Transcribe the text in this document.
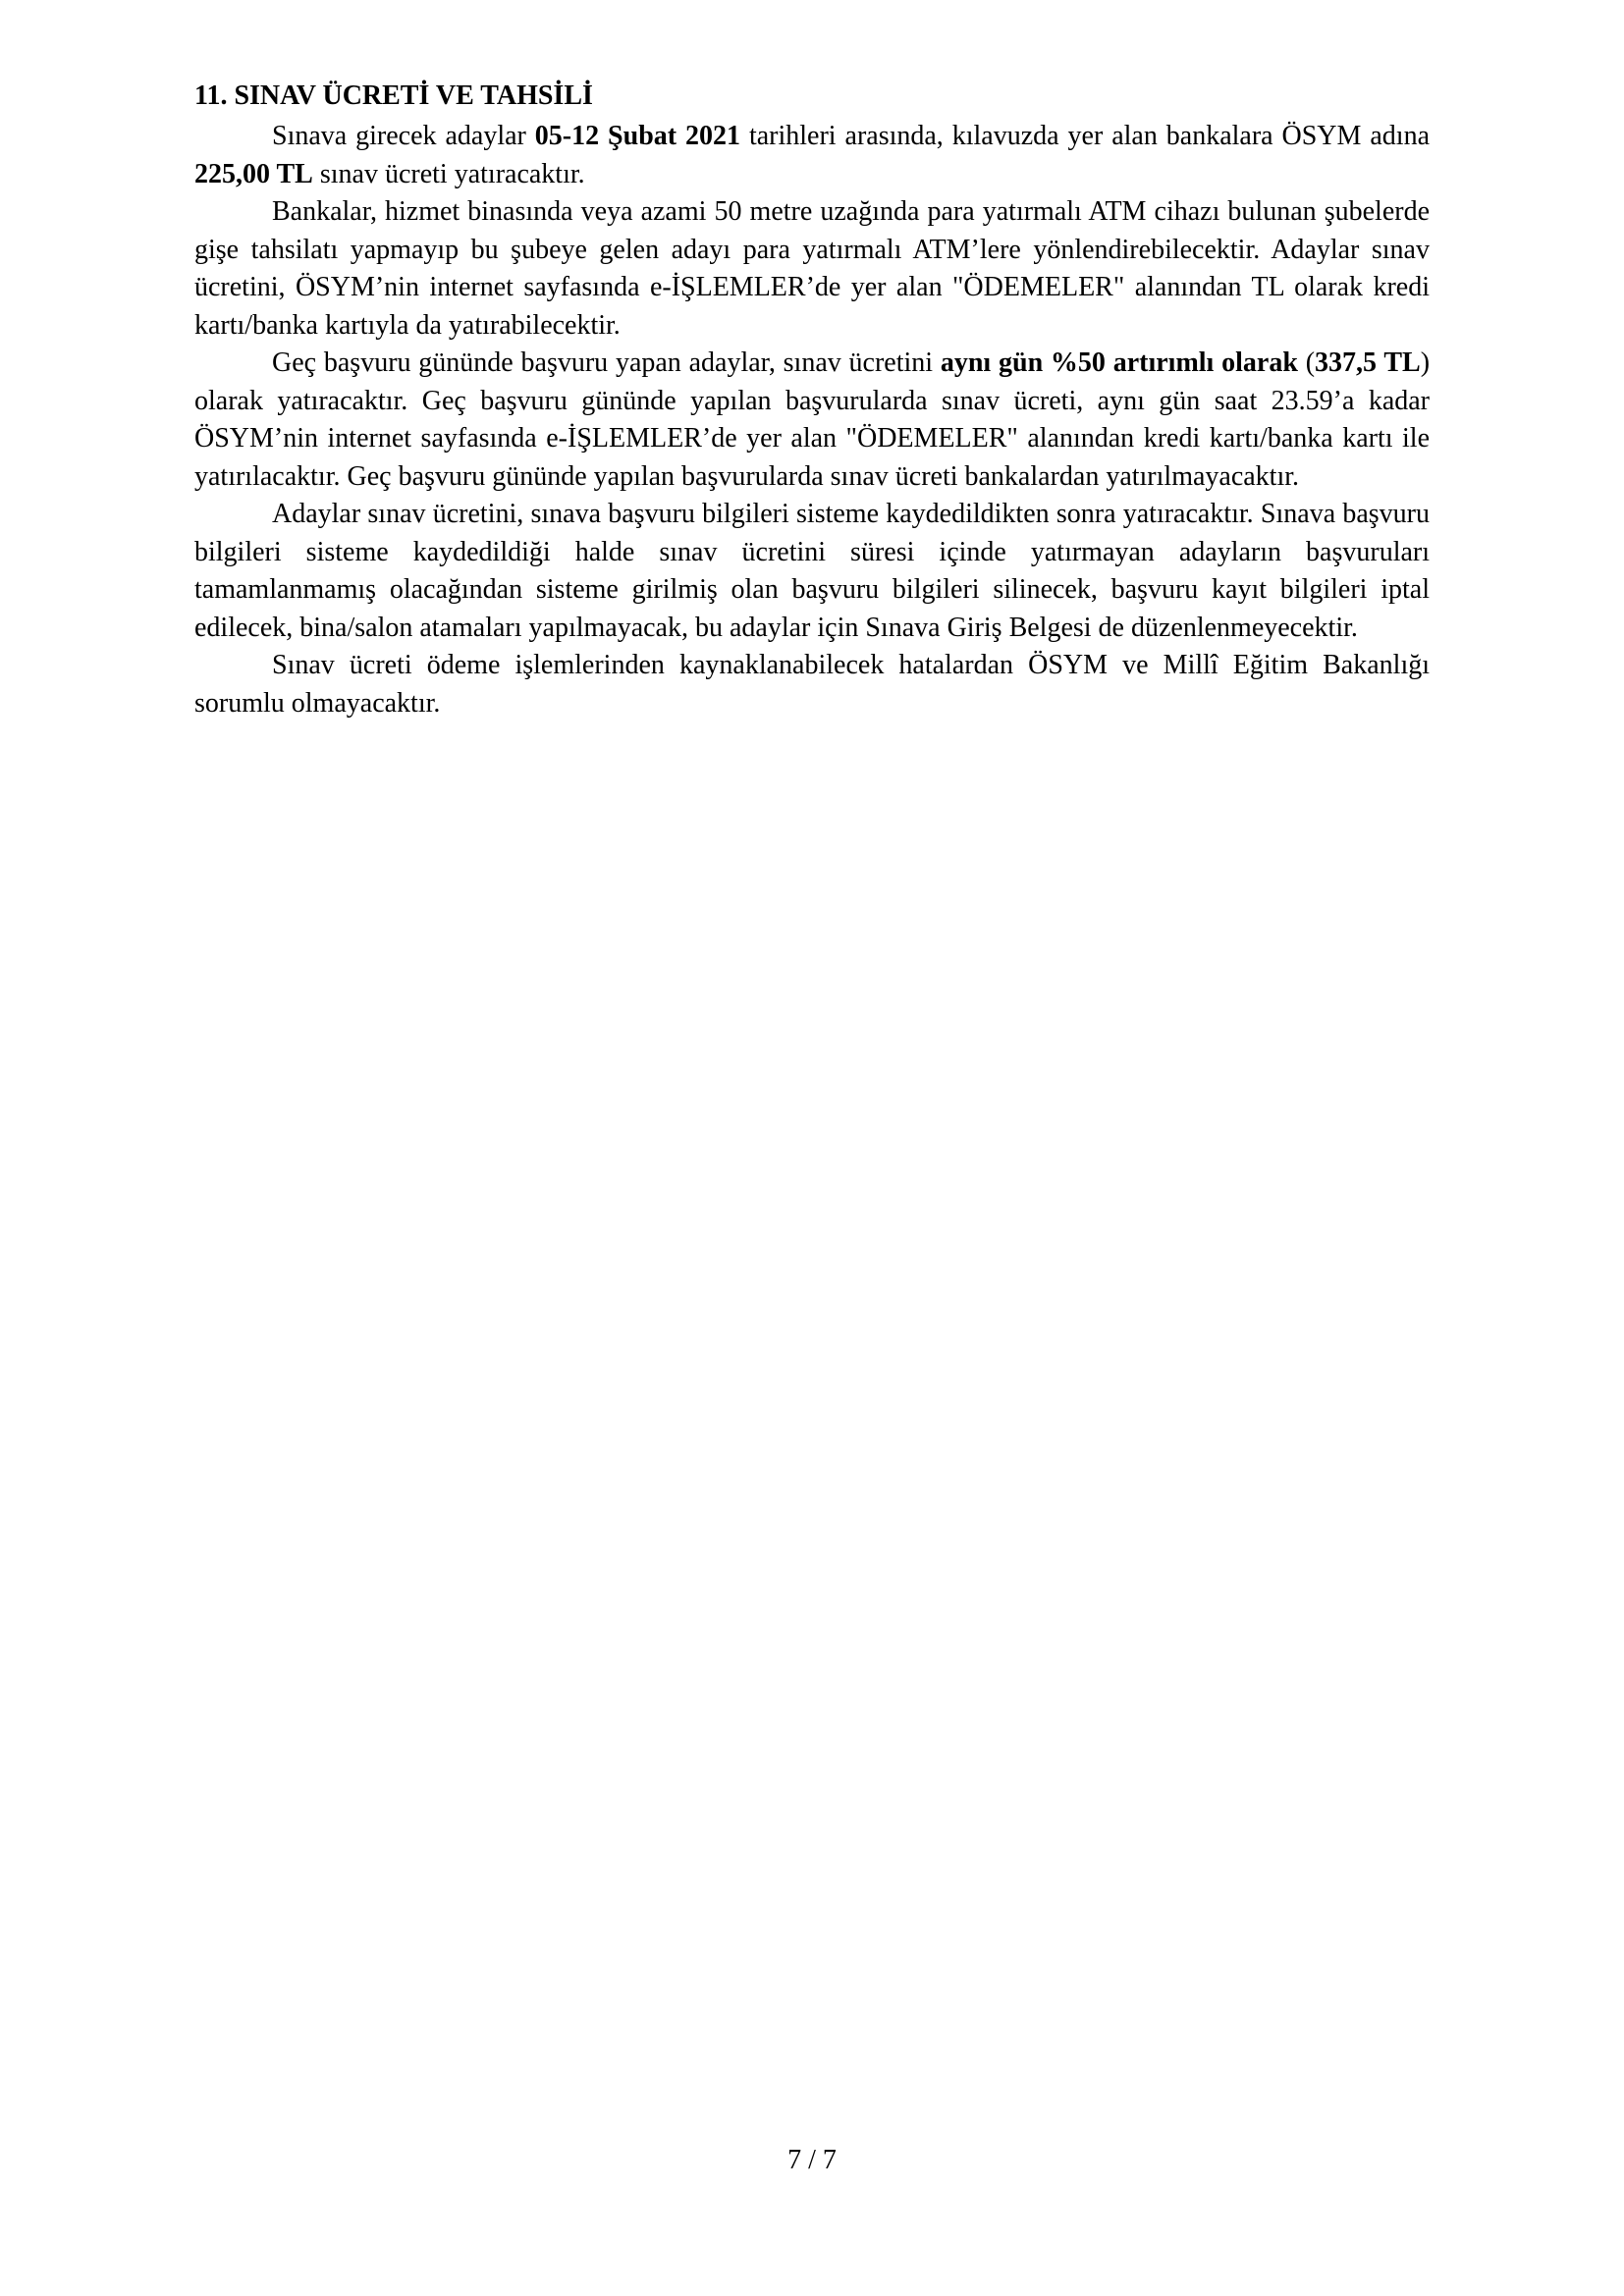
11. SINAV ÜCRETİ VE TAHSİLİ

Sınava girecek adaylar 05-12 Şubat 2021 tarihleri arasında, kılavuzda yer alan bankalara ÖSYM adına 225,00 TL sınav ücreti yatıracaktır.

Bankalar, hizmet binasında veya azami 50 metre uzağında para yatırmalı ATM cihazı bulunan şubelerde gişe tahsilatı yapmayıp bu şubeye gelen adayı para yatırmalı ATM’lere yönlendirebilecektir. Adaylar sınav ücretini, ÖSYM’nin internet sayfasında e-İŞLEMLER’de yer alan "ÖDEMELER" alanından TL olarak kredi kartı/banka kartıyla da yatırabilecektir.

Geç başvuru gününde başvuru yapan adaylar, sınav ücretini aynı gün %50 artırımlı olarak (337,5 TL) olarak yatıracaktır. Geç başvuru gününde yapılan başvurularda sınav ücreti, aynı gün saat 23.59’a kadar ÖSYM’nin internet sayfasında e-İŞLEMLER’de yer alan "ÖDEMELER" alanından kredi kartı/banka kartı ile yatırılacaktır. Geç başvuru gününde yapılan başvurularda sınav ücreti bankalardan yatırılmayacaktır.

Adaylar sınav ücretini, sınava başvuru bilgileri sisteme kaydedildikten sonra yatıracaktır. Sınava başvuru bilgileri sisteme kaydedildiği halde sınav ücretini süresi içinde yatırmayan adayların başvuruları tamamlanmamış olacağından sisteme girilmiş olan başvuru bilgileri silinecek, başvuru kayıt bilgileri iptal edilecek, bina/salon atamaları yapılmayacak, bu adaylar için Sınava Giriş Belgesi de düzenlenmeyecektir.

Sınav ücreti ödeme işlemlerinden kaynaklanabilecek hatalardan ÖSYM ve Millî Eğitim Bakanlığı sorumlu olmayacaktır.

7 / 7
